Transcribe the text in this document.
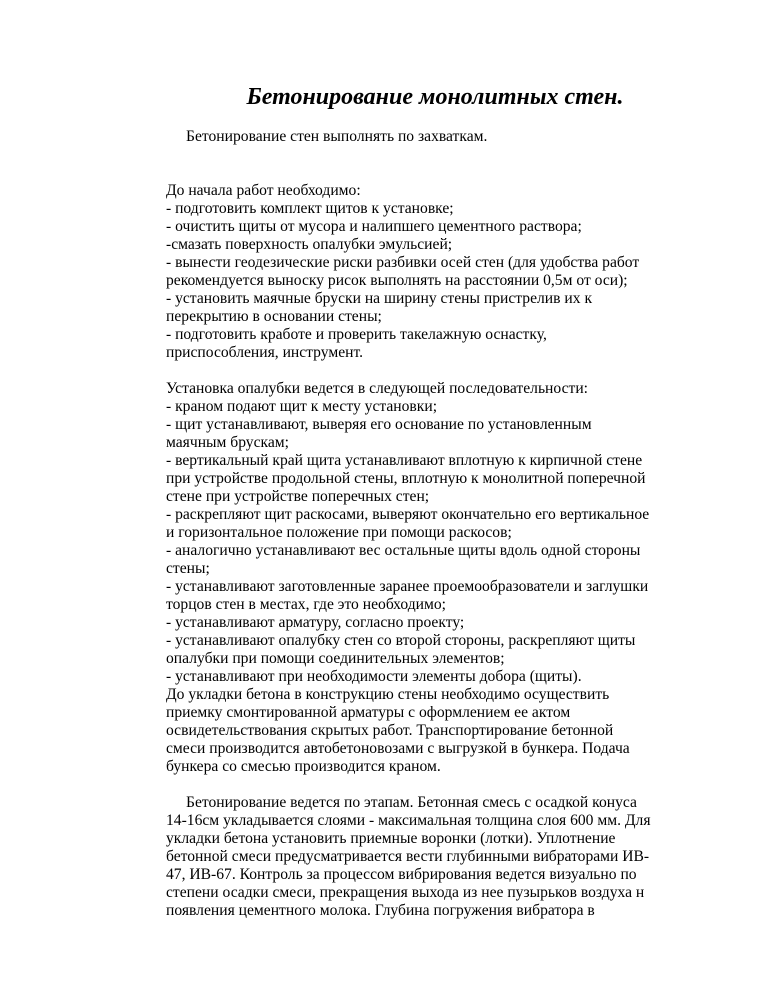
Бетонирование монолитных стен.

Бетонирование стен выполнять по захваткам.

До начала работ необходимо:
- подготовить комплект щитов к установке;
- очистить щиты от мусора и налипшего цементного раствора;
-смазать поверхность опалубки эмульсией;
- вынести геодезические риски разбивки осей стен (для удобства работ
рекомендуется выноску рисок выполнять на расстоянии 0,5м от оси);
- установить маячные бруски на ширину стены пристрелив их к
перекрытию в основании стены;
- подготовить кработе и проверить такелажную оснастку,
приспособления, инструмент.
Установка опалубки ведется в следующей последовательности:
- краном подают щит к месту установки;
- щит устанавливают, выверяя его основание по установленным
маячным брускам;
- вертикальный край щита устанавливают вплотную к кирпичной стене
при устройстве продольной стены, вплотную к монолитной поперечной
стене при устройстве поперечных стен;
- раскрепляют щит раскосами, выверяют окончательно его вертикальное
и горизонтальное положение при помощи раскосов;
- аналогично устанавливают вес остальные щиты вдоль одной стороны
стены;
- устанавливают заготовленные заранее проемообразователи и заглушки
торцов стен в местах, где это необходимо;
- устанавливают арматуру, согласно проекту;
- устанавливают опалубку стен со второй стороны, раскрепляют щиты
опалубки при помощи соединительных элементов;
- устанавливают при необходимости элементы добора (щиты).
До укладки бетона в конструкцию стены необходимо осуществить
приемку смонтированной арматуры с оформлением ее актом
освидетельствования скрытых работ. Транспортирование бетонной
смеси производится автобетоновозами с выгрузкой в бункера. Подача
бункера со смесью производится краном.
Бетонирование ведется по этапам. Бетонная смесь с осадкой конуса
14-16см укладывается слоями - максимальная толщина слоя 600 мм. Для
укладки бетона установить приемные воронки (лотки). Уплотнение
бетонной смеси предусматривается вести глубинными вибраторами ИВ-
47, ИВ-67. Контроль за процессом вибрирования ведется визуально по
степени осадки смеси, прекращения выхода из нее пузырьков воздуха н
появления цементного молока. Глубина погружения вибратора в
